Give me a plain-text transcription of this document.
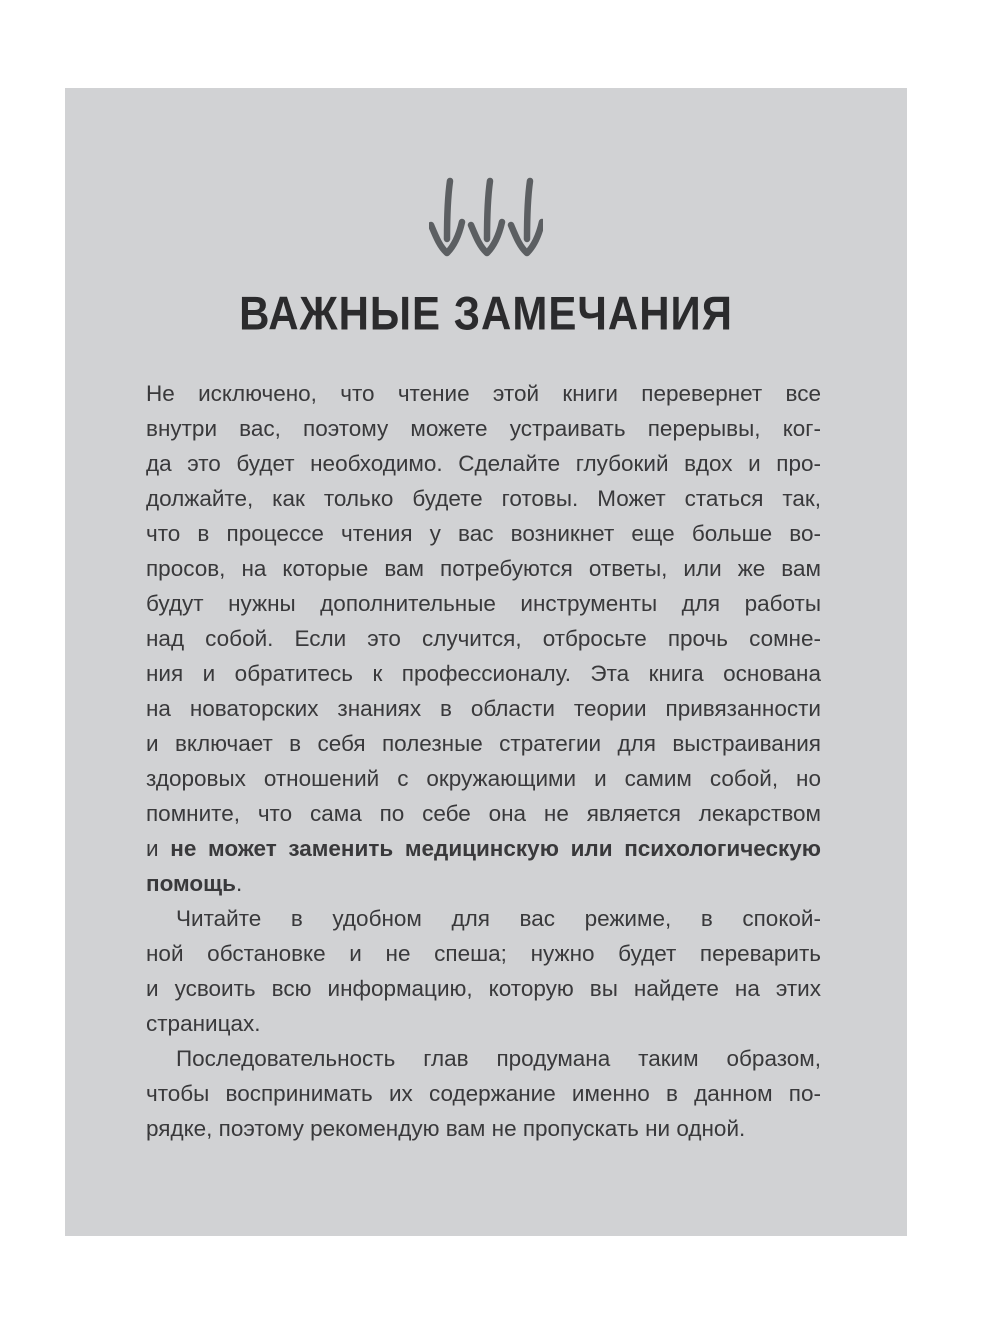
ВАЖНЫЕ ЗАМЕЧАНИЯ
Не исключено, что чтение этой книги перевернет все
внутри вас, поэтому можете устраивать перерывы, ког-
да это будет необходимо. Сделайте глубокий вдох и про-
должайте, как только будете готовы. Может статься так,
что в процессе чтения у вас возникнет еще больше во-
просов, на которые вам потребуются ответы, или же вам
будут нужны дополнительные инструменты для работы
над собой. Если это случится, отбросьте прочь сомне-
ния и обратитесь к профессионалу. Эта книга основана
на новаторских знаниях в области теории привязанности
и включает в себя полезные стратегии для выстраивания
здоровых отношений с окружающими и самим собой, но
помните, что сама по себе она не является лекарством
и не может заменить медицинскую или психологическую
помощь.
Читайте в удобном для вас режиме, в спокой-
ной обстановке и не спеша; нужно будет переварить
и усвоить всю информацию, которую вы найдете на этих
страницах.
Последовательность глав продумана таким образом,
чтобы воспринимать их содержание именно в данном по-
рядке, поэтому рекомендую вам не пропускать ни одной.
